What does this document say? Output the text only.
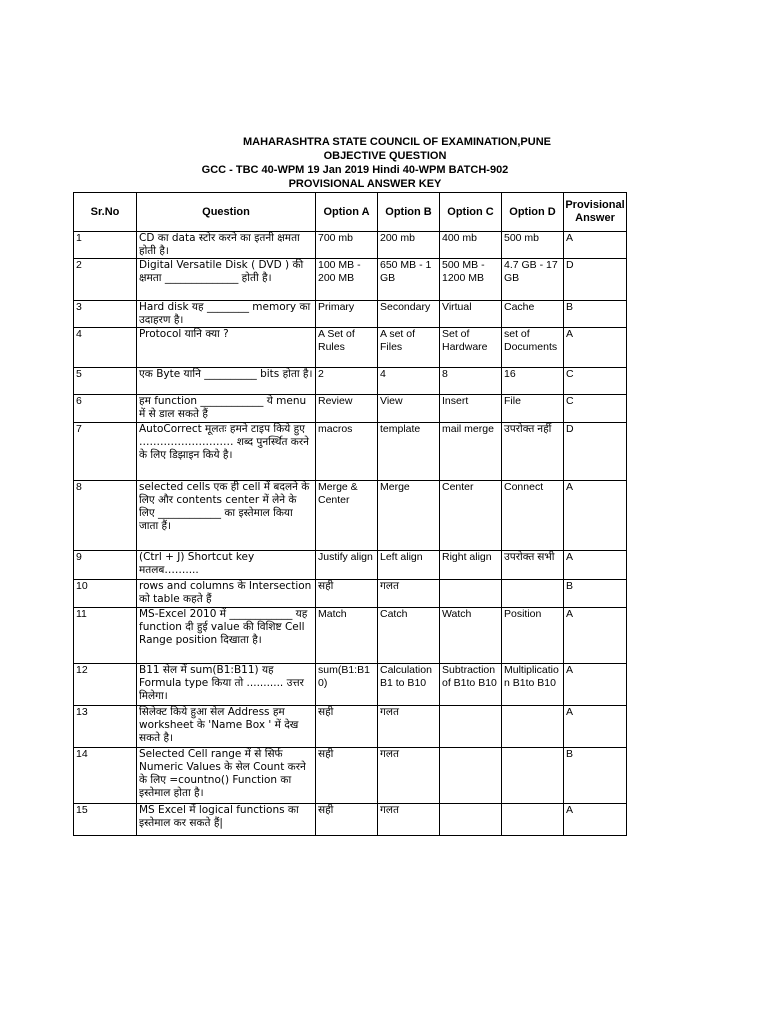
MAHARASHTRA STATE COUNCIL OF EXAMINATION,PUNE
OBJECTIVE QUESTION
GCC - TBC 40-WPM 19 Jan 2019 Hindi 40-WPM BATCH-902
PROVISIONAL ANSWER KEY
Sr.No	Question	Option A	Option B	Option C	Option D	Provisional Answer
1	CD का data स्टोर करने का इतनी क्षमता होती है।	700 mb	200 mb	400 mb	500 mb	A
2	Digital Versatile Disk ( DVD ) की क्षमता ______________ होती है।	100 MB - 200 MB	650 MB - 1 GB	500 MB - 1200 MB	4.7 GB - 17 GB	D
3	Hard disk यह ________ memory का उदाहरण है।	Primary	Secondary	Virtual	Cache	B
4	Protocol यानि क्या ?	A Set of Rules	A set of Files	Set of Hardware	set of Documents	A
5	एक Byte यानि __________ bits होता है।	2	4	8	16	C
6	हम function ____________ ये menu में से डाल सकते हैं	Review	View	Insert	File	C
7	AutoCorrect मूलतः हमने टाइप किये हुए ……………………… शब्द पुनर्स्थित करने के लिए डिझाइन किये है।	macros	template	mail merge	उपरोक्त नहीं	D
8	selected cells एक ही cell में बदलने के लिए और contents center में लेने के लिए ____________ का इस्तेमाल किया जाता हैं।	Merge & Center	Merge	Center	Connect	A
9	(Ctrl + J) Shortcut key मतलब……....	Justify align	Left align	Right align	उपरोक्त सभी	A
10	rows and columns के Intersection को table कहते हैं	सही	गलत			B
11	MS-Excel 2010 में ____________ यह function दी हुई value की विशिष्ट Cell Range position दिखाता है।	Match	Catch	Watch	Position	A
12	B11 सेल में sum(B1:B11) यह Formula type किया तो ........... उत्तर मिलेगा।	sum(B1:B10)	Calculation B1 to B10	Subtraction of B1to B10	Multiplication B1to B10	A
13	सिलेक्ट किये हुआ सेल Address हम worksheet के 'Name Box ' में देख सकते है।	सही	गलत			A
14	Selected Cell range में से सिर्फ Numeric Values के सेल Count करने के लिए =countno() Function का इस्तेमाल होता है।	सही	गलत			B
15	MS Excel में logical functions का इस्तेमाल कर सकते हैं|	सही	गलत			A
